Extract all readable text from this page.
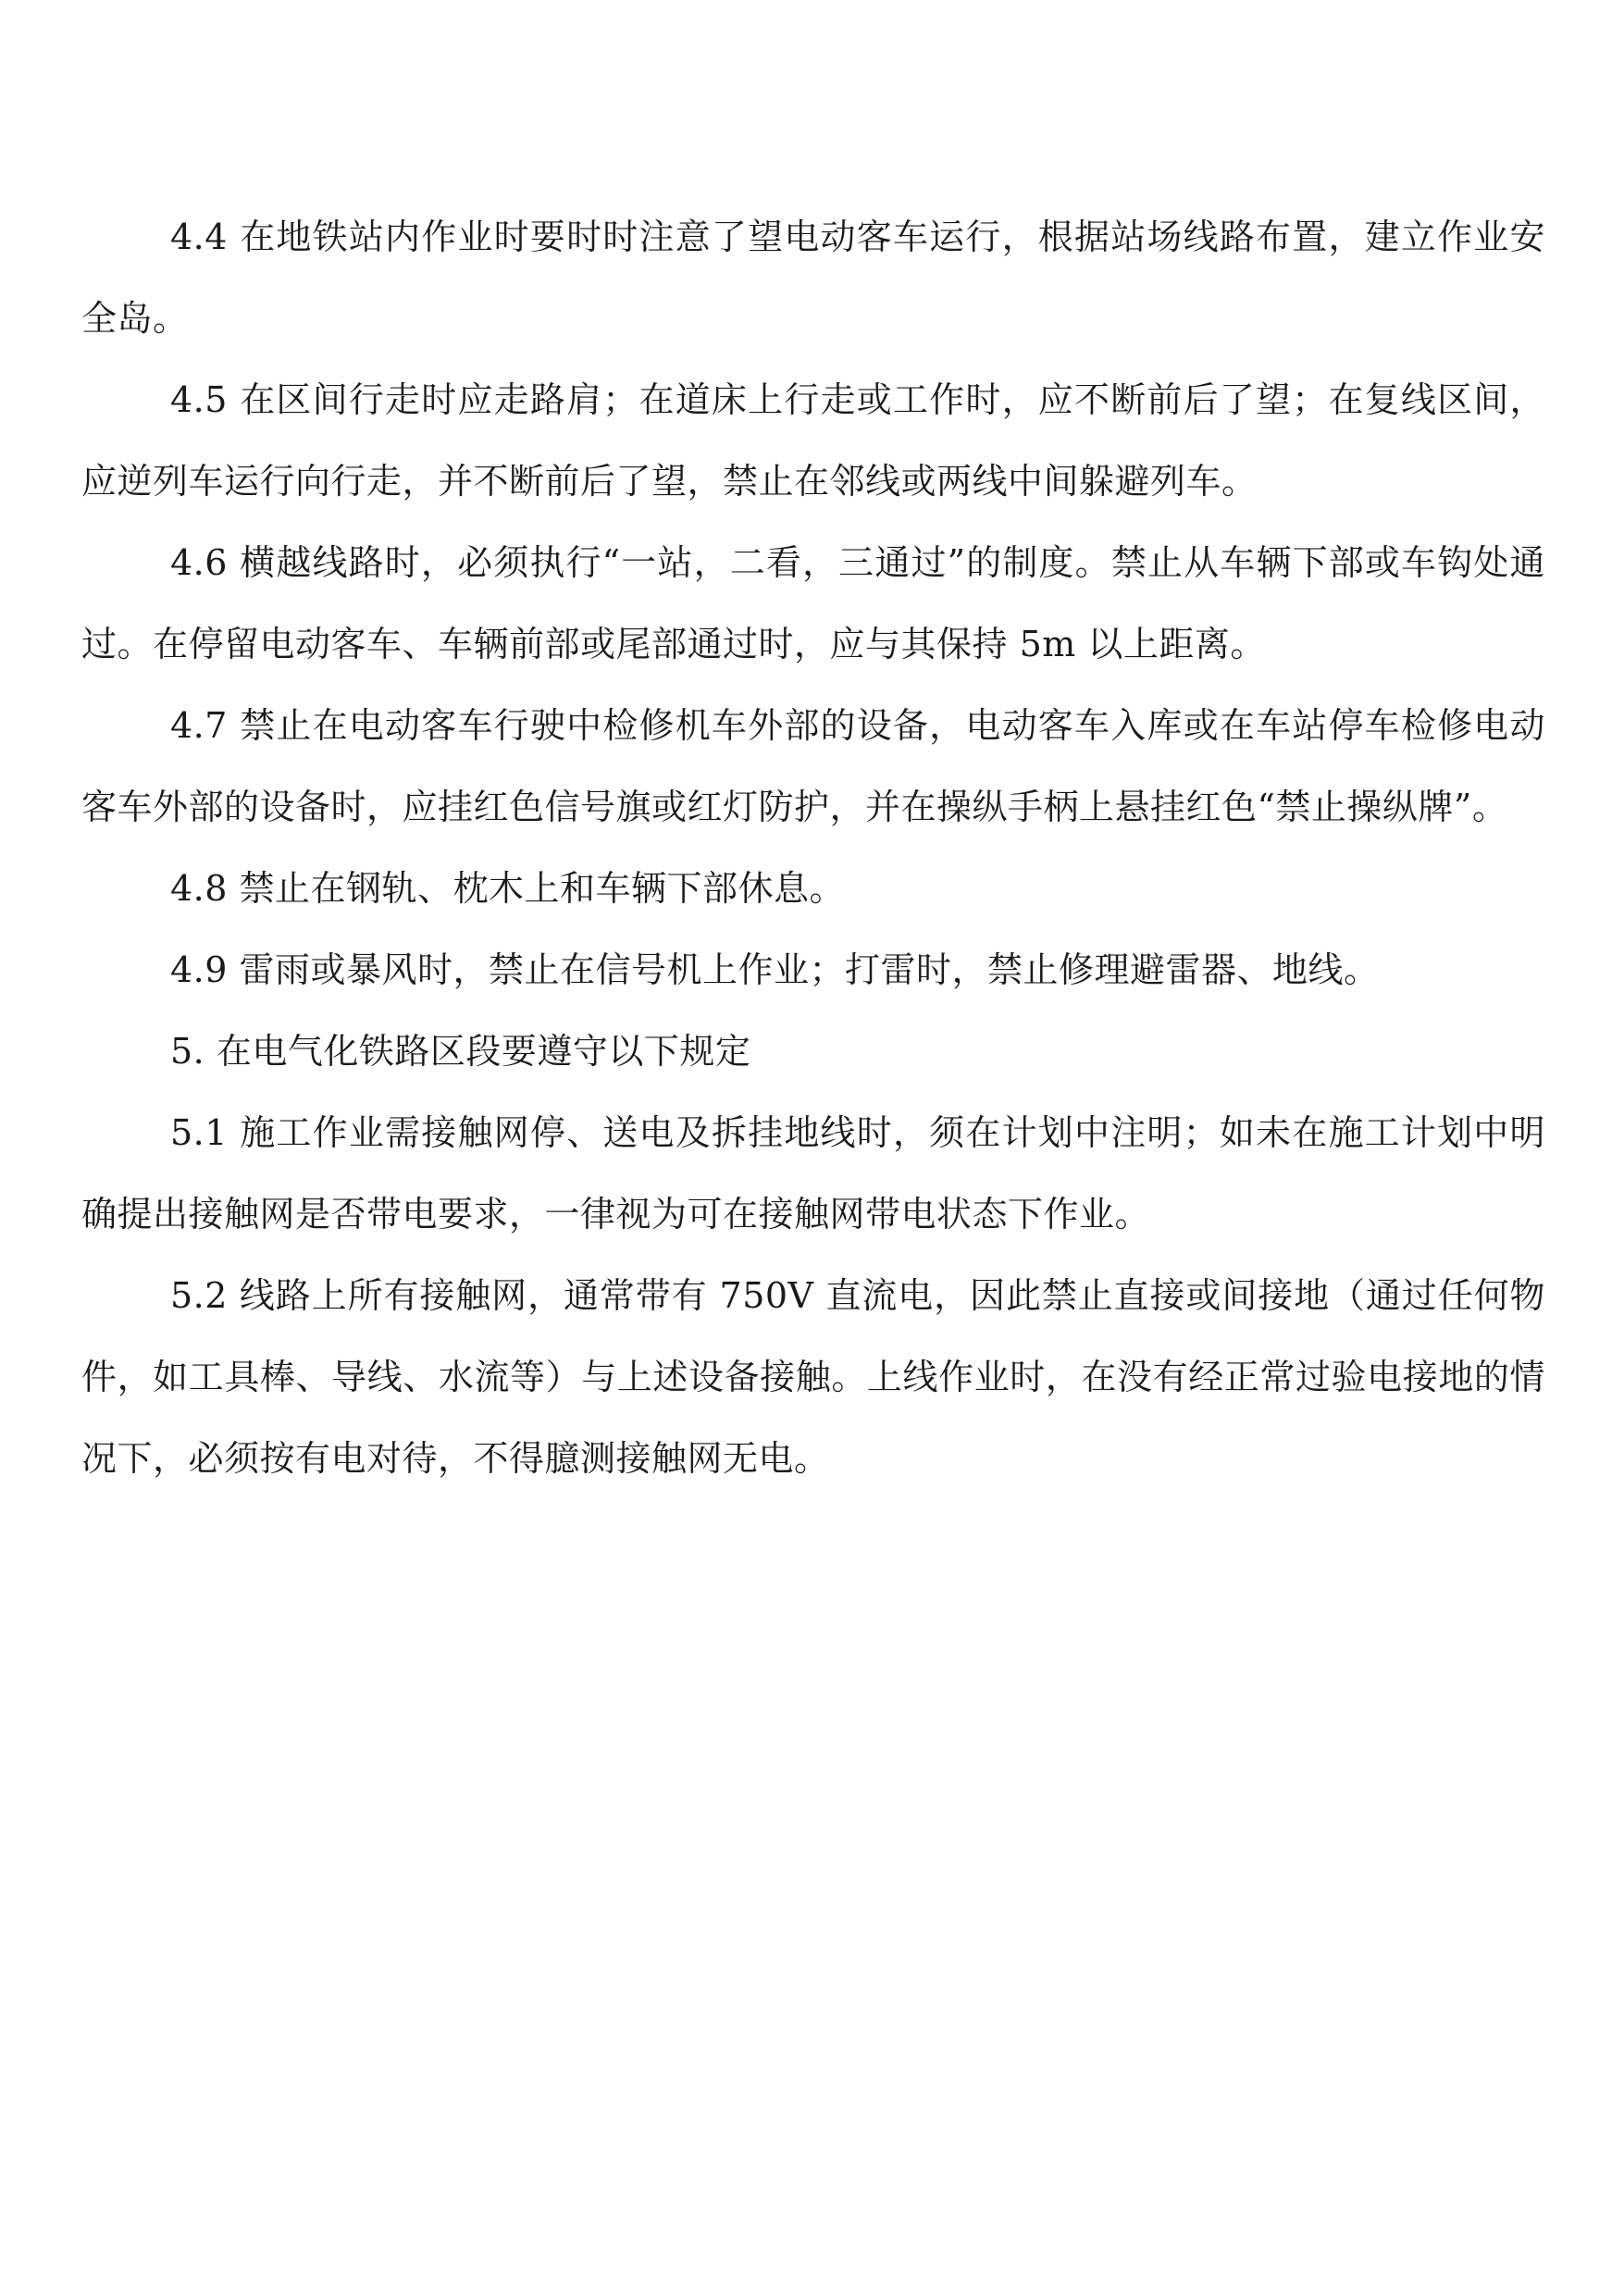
4.4 在地铁站内作业时要时时注意了望电动客车运行，根据站场线路布置，建立作业安全岛。

4.5 在区间行走时应走路肩；在道床上行走或工作时，应不断前后了望；在复线区间，应逆列车运行向行走，并不断前后了望，禁止在邻线或两线中间躲避列车。

4.6 横越线路时，必须执行“一站，二看，三通过”的制度。禁止从车辆下部或车钩处通过。在停留电动客车、车辆前部或尾部通过时，应与其保持 5m 以上距离。

4.7 禁止在电动客车行驶中检修机车外部的设备，电动客车入库或在车站停车检修电动客车外部的设备时，应挂红色信号旗或红灯防护，并在操纵手柄上悬挂红色“禁止操纵牌”。

4.8 禁止在钢轨、枕木上和车辆下部休息。

4.9 雷雨或暴风时，禁止在信号机上作业；打雷时，禁止修理避雷器、地线。

5. 在电气化铁路区段要遵守以下规定

5.1 施工作业需接触网停、送电及拆挂地线时，须在计划中注明；如未在施工计划中明确提出接触网是否带电要求，一律视为可在接触网带电状态下作业。

5.2 线路上所有接触网，通常带有 750V 直流电，因此禁止直接或间接地（通过任何物件，如工具棒、导线、水流等）与上述设备接触。上线作业时，在没有经正常过验电接地的情况下，必须按有电对待，不得臆测接触网无电。
